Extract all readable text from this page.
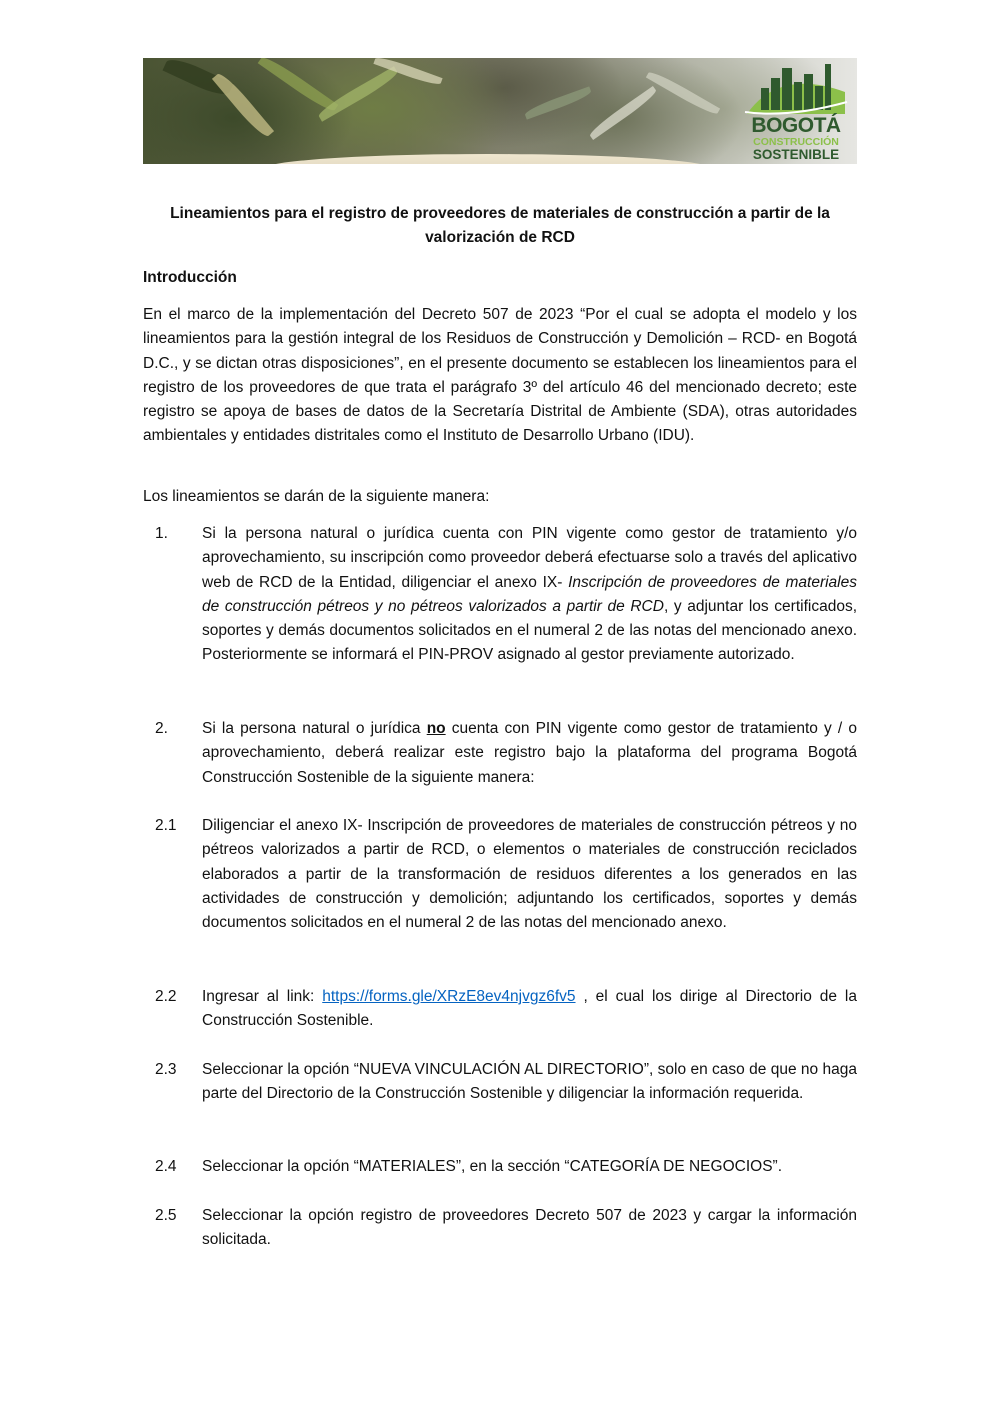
BOGOTÁ
CONSTRUCCIÓN
SOSTENIBLE
Lineamientos para el registro de proveedores de materiales de construcción a partir de la valorización de RCD
Introducción
En el marco de la implementación del Decreto 507 de 2023 “Por el cual se adopta el modelo y los lineamientos para la gestión integral de los Residuos de Construcción y Demolición – RCD- en Bogotá D.C., y se dictan otras disposiciones”, en el presente documento se establecen los lineamientos para el registro de los proveedores de que trata el parágrafo 3º del artículo 46 del mencionado decreto; este registro se apoya de bases de datos de la Secretaría Distrital de Ambiente (SDA), otras autoridades ambientales y entidades distritales como el Instituto de Desarrollo Urbano (IDU).
Los lineamientos se darán de la siguiente manera:
1. Si la persona natural o jurídica cuenta con PIN vigente como gestor de tratamiento y/o aprovechamiento, su inscripción como proveedor deberá efectuarse solo a través del aplicativo web de RCD de la Entidad, diligenciar el anexo IX- Inscripción de proveedores de materiales de construcción pétreos y no pétreos valorizados a partir de RCD, y adjuntar los certificados, soportes y demás documentos solicitados en el numeral 2 de las notas del mencionado anexo. Posteriormente se informará el PIN-PROV asignado al gestor previamente autorizado.
2. Si la persona natural o jurídica no cuenta con PIN vigente como gestor de tratamiento y / o aprovechamiento, deberá realizar este registro bajo la plataforma del programa Bogotá Construcción Sostenible de la siguiente manera:
2.1 Diligenciar el anexo IX- Inscripción de proveedores de materiales de construcción pétreos y no pétreos valorizados a partir de RCD, o elementos o materiales de construcción reciclados elaborados a partir de la transformación de residuos diferentes a los generados en las actividades de construcción y demolición; adjuntando los certificados, soportes y demás documentos solicitados en el numeral 2 de las notas del mencionado anexo.
2.2 Ingresar al link: https://forms.gle/XRzE8ev4njvgz6fv5 , el cual los dirige al Directorio de la Construcción Sostenible.
2.3 Seleccionar la opción “NUEVA VINCULACIÓN AL DIRECTORIO”, solo en caso de que no haga parte del Directorio de la Construcción Sostenible y diligenciar la información requerida.
2.4 Seleccionar la opción “MATERIALES”, en la sección “CATEGORÍA DE NEGOCIOS”.
2.5 Seleccionar la opción registro de proveedores Decreto 507 de 2023 y cargar la información solicitada.
